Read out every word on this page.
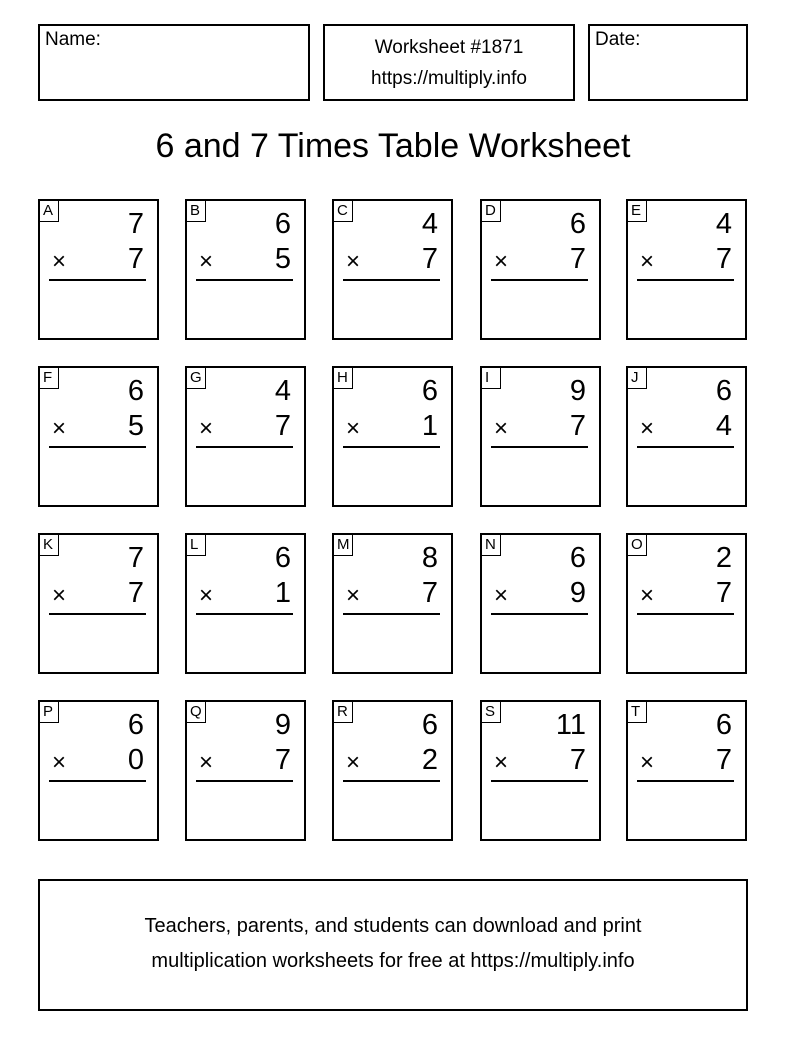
Name:	Worksheet #1871
https://multiply.info
Date:
6 and 7 Times Table Worksheet
A	7
× 7
B	6
× 5
C	4
× 7
D	6
× 7
E	4
× 7
F	6
× 5
G	4
× 7
H	6
× 1
I	9
× 7
J	6
× 4
K	7
× 7
L	6
× 1
M 8
× 7
N	6
× 9
O	2
× 7
P	6
× 0
Q	9
× 7
R	6
× 2
S 11
× 7
T	6
× 7
Teachers, parents, and students can download and print
multiplication worksheets for free at https://multiply.info
